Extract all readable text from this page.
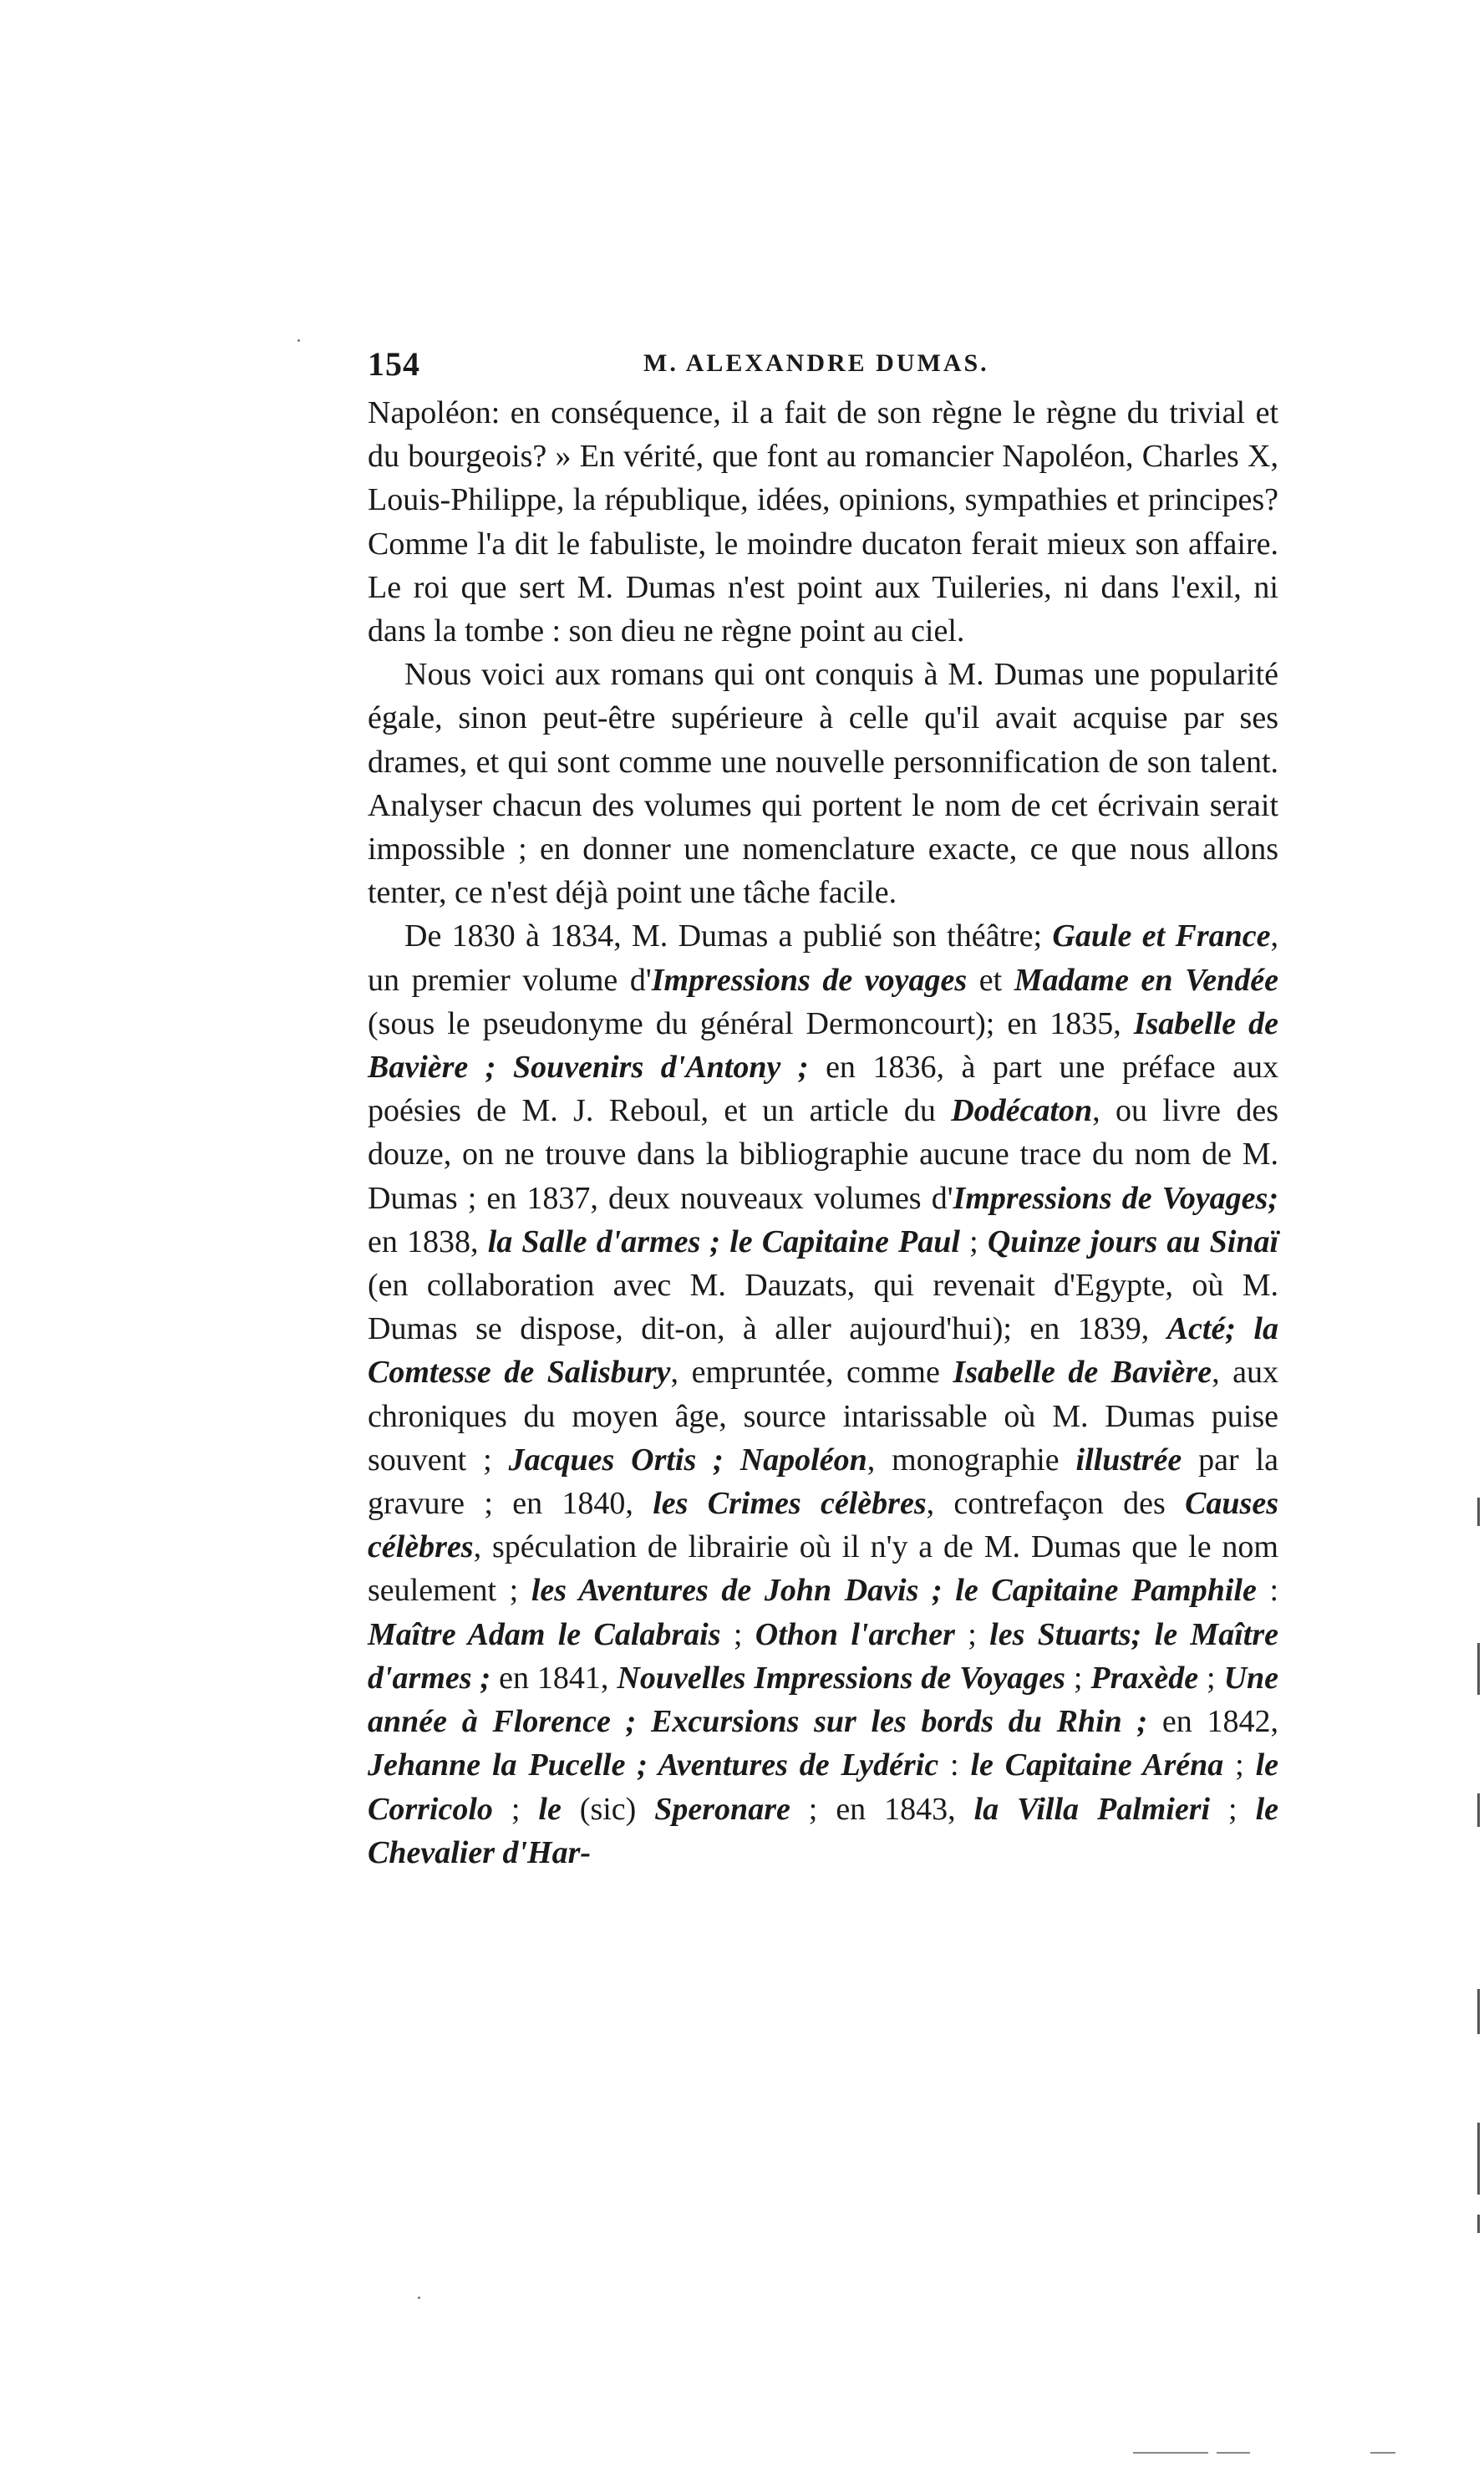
154	M. ALEXANDRE DUMAS.

Napoléon: en conséquence, il a fait de son règne le règne du trivial et du bourgeois? » En vérité, que font au romancier Napoléon, Charles X, Louis-Philippe, la république, idées, opinions, sympathies et principes? Comme l'a dit le fabuliste, le moindre ducaton ferait mieux son affaire. Le roi que sert M. Dumas n'est point aux Tuileries, ni dans l'exil, ni dans la tombe : son dieu ne règne point au ciel.

Nous voici aux romans qui ont conquis à M. Dumas une popularité égale, sinon peut-être supérieure à celle qu'il avait acquise par ses drames, et qui sont comme une nouvelle personnification de son talent. Analyser chacun des volumes qui portent le nom de cet écrivain serait impossible ; en donner une nomenclature exacte, ce que nous allons tenter, ce n'est déjà point une tâche facile.

De 1830 à 1834, M. Dumas a publié son théâtre; Gaule et France, un premier volume d'Impressions de voyages et Madame en Vendée (sous le pseudonyme du général Dermoncourt); en 1835, Isabelle de Bavière ; Souvenirs d'Antony ; en 1836, à part une préface aux poésies de M. J. Reboul, et un article du Dodécaton, ou livre des douze, on ne trouve dans la bibliographie aucune trace du nom de M. Dumas ; en 1837, deux nouveaux volumes d'Impressions de Voyages; en 1838, la Salle d'armes ; le Capitaine Paul ; Quinze jours au Sinaï (en collaboration avec M. Dauzats, qui revenait d'Egypte, où M. Dumas se dispose, dit-on, à aller aujourd'hui); en 1839, Acté; la Comtesse de Salisbury, empruntée, comme Isabelle de Bavière, aux chroniques du moyen âge, source intarissable où M. Dumas puise souvent ; Jacques Ortis ; Napoléon, monographie illustrée par la gravure ; en 1840, les Crimes célèbres, contrefaçon des Causes célèbres, spéculation de librairie où il n'y a de M. Dumas que le nom seulement ; les Aventures de John Davis ; le Capitaine Pamphile : Maître Adam le Calabrais ; Othon l'archer ; les Stuarts; le Maître d'armes ; en 1841, Nouvelles Impressions de Voyages ; Praxède ; Une année à Florence ; Excursions sur les bords du Rhin ; en 1842, Jehanne la Pucelle ; Aventures de Lydéric : le Capitaine Aréna ; le Corricolo ; le (sic) Speronare ; en 1843, la Villa Palmieri ; le Chevalier d'Har-
